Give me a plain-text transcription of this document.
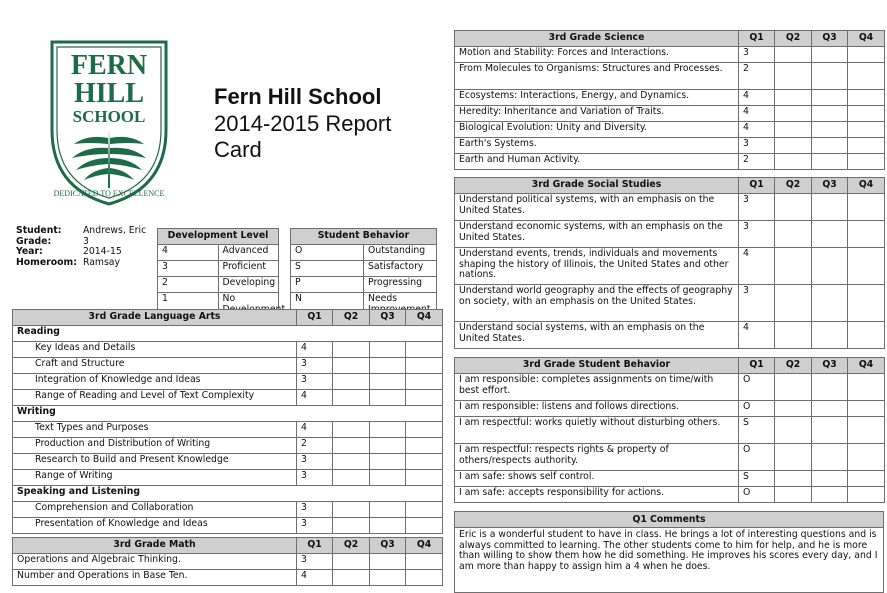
FERN
HILL
SCHOOL
DEDICATED TO EXCELLENCE
Fern Hill School
2014-2015 Report Card
Student:	Andrews, Eric
Grade:	3
Year:	2014-15
Homeroom:	Ramsay
Development Level	
4	Advanced
3	Proficient
2	Developing
1	No
Student Behavior	
O	Outstanding
S	Satisfactory
P	Progressing
N	Needs
3rd Grade Language Arts	Q1	Q2	Q3	Q4
Reading				
Key Ideas and Details	4			
Craft and Structure	3			
Integration of Knowledge and Ideas	3			
Range of Reading and Level of Text Complexity	4			
Writing				
Text Types and Purposes	4			
Production and Distribution of Writing	2			
Research to Build and Present Knowledge	3			
Range of Writing	3			
Speaking and Listening				
Comprehension and Collaboration	3			
Presentation of Knowledge and Ideas	3			
3rd Grade Math	Q1	Q2	Q3	Q4
Operations and Algebraic Thinking.	3			
Number and Operations in Base Ten.	4			
3rd Grade Science	Q1	Q2	Q3	Q4
Motion and Stability: Forces and Interactions.	3			
From Molecules to Organisms: Structures and Processes.	2			
Ecosystems: Interactions, Energy, and Dynamics.	4			
Heredity: Inheritance and Variation of Traits.	4			
Biological Evolution: Unity and Diversity.	4			
Earth's Systems.	3			
Earth and Human Activity.	2			
3rd Grade Social Studies	Q1	Q2	Q3	Q4
Understand political systems, with an emphasis on the United States.	3			
Understand economic systems, with an emphasis on the United States.	3			
Understand events, trends, individuals and movements shaping the history of Illinois, the United States and other nations.	4			
Understand world geography and the effects of geography on society, with an emphasis on the United States.	3			
Understand social systems, with an emphasis on the United States.	4			
3rd Grade Student Behavior	Q1	Q2	Q3	Q4
I am responsible: completes assignments on time/with best effort.	O			
I am responsible: listens and follows directions.	O			
I am respectful: works quietly without disturbing others.	S			
I am respectful: respects rights & property of others/respects authority.	O			
I am safe: shows self control.	S			
I am safe: accepts responsibility for actions.	O			
Q1 Comments
Eric is a wonderful student to have in class. He brings a lot of interesting questions and is always committed to learning. The other students come to him for help, and he is more than willing to show them how he did something. He improves his scores every day, and I am more than happy to assign him a 4 when he does.
